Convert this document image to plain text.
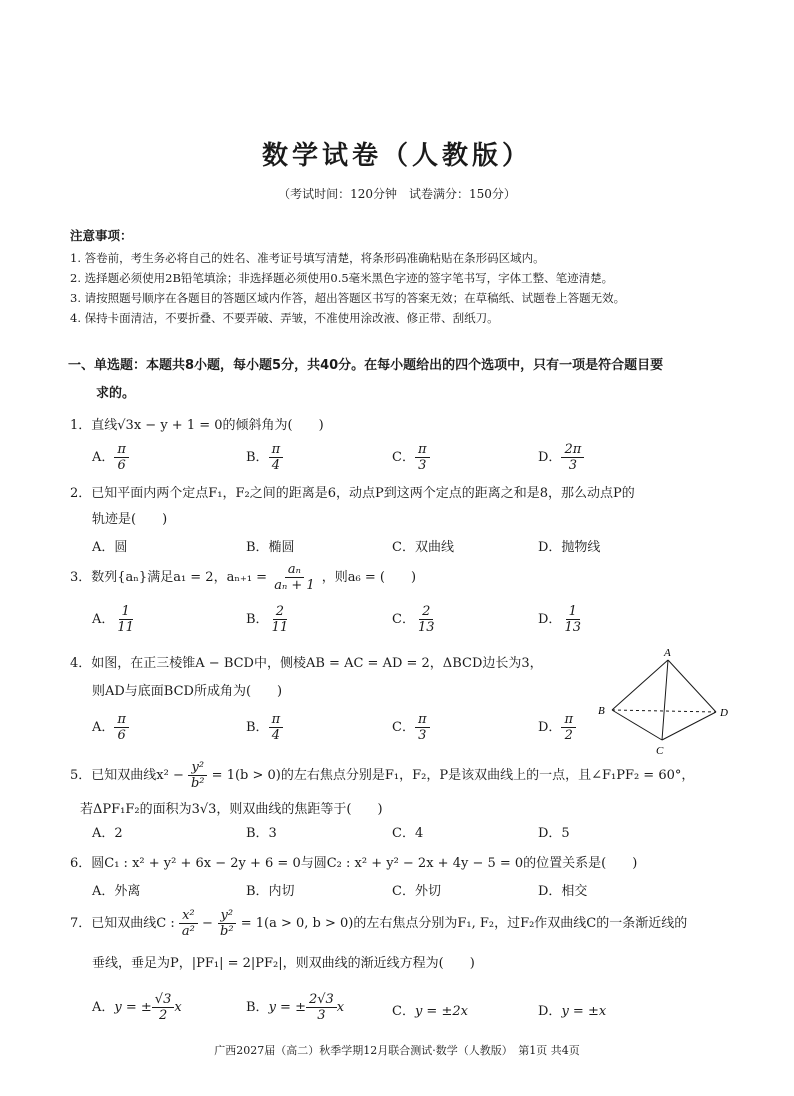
数学试卷（人教版）
（考试时间：120分钟　试卷满分：150分）
注意事项：
1. 答卷前，考生务必将自己的姓名、准考证号填写清楚，将条形码准确粘贴在条形码区域内。
2. 选择题必须使用2B铅笔填涂；非选择题必须使用0.5毫米黑色字迹的签字笔书写，字体工整、笔迹清楚。
3. 请按照题号顺序在各题目的答题区域内作答，超出答题区书写的答案无效；在草稿纸、试题卷上答题无效。
4. 保持卡面清洁，不要折叠、不要弄破、弄皱，不准使用涂改液、修正带、刮纸刀。
一、单选题：本题共8小题，每小题5分，共40分。在每小题给出的四个选项中，只有一项是符合题目要
求的。
1．直线√3x − y + 1 = 0的倾斜角为(　　)
A． $\frac{\pi}{6}$	B． $\frac{\pi}{4}$	C． $\frac{\pi}{3}$	D． $\frac{2\pi}{3}$
2．已知平面内两个定点F₁，F₂之间的距离是6，动点P到这两个定点的距离之和是8，那么动点P的
轨迹是(　　)
A．圆	B．椭圆	C．双曲线	D．抛物线
3．数列{aₙ}满足a₁ = 2，$a_{n+1} = \frac{\text{aₙ}}{\text{aₙ + 1}}$ ，则a₆ = (　　)
A． $\frac{1}{11}$	B． $\frac{2}{11}$	C． $\frac{2}{13}$	D． $\frac{1}{13}$
4．如图，在正三棱锥A − BCD中，侧棱AB = AC = AD = 2，ΔBCD边长为3，
则AD与底面BCD所成角为(　　)
A． $\frac{\pi}{6}$	B． $\frac{\pi}{4}$	C． $\frac{\pi}{3}$	D． $\frac{\pi}{2}$
A
B
C
D
5．已知双曲线$x^2 - \frac{\text{y²}}{\text{b²}} = 1(b > 0)$的左右焦点分别是F₁，F₂，P是该双曲线上的一点，且∠F₁PF₂ = 60°，
若ΔPF₁F₂的面积为3√3，则双曲线的焦距等于(　　)
A．2	B．3	C．4	D．5
6．圆C₁ : x² + y² + 6x − 2y + 6 = 0与圆C₂ : x² + y² − 2x + 4y − 5 = 0的位置关系是(　　)
A．外离	B．内切	C．外切	D．相交
7．已知双曲线C : $\frac{\text{x²}}{\text{a²}} - \frac{\text{y²}}{\text{b²}} = 1(a > 0$, b > 0)的左右焦点分别为F₁, F₂，过F₂作双曲线C的一条渐近线的
垂线，垂足为P，|PF₁| = 2|PF₂|，则双曲线的渐近线方程为(　　)
A．y = ± $\frac{√3}{2}$ x	B．y = ± $\frac{2√3}{3}$ x	C．y = ±2x	D．y = ±x
广西2027届（高二）秋季学期12月联合测试·数学（人教版）　第1页 共4页
